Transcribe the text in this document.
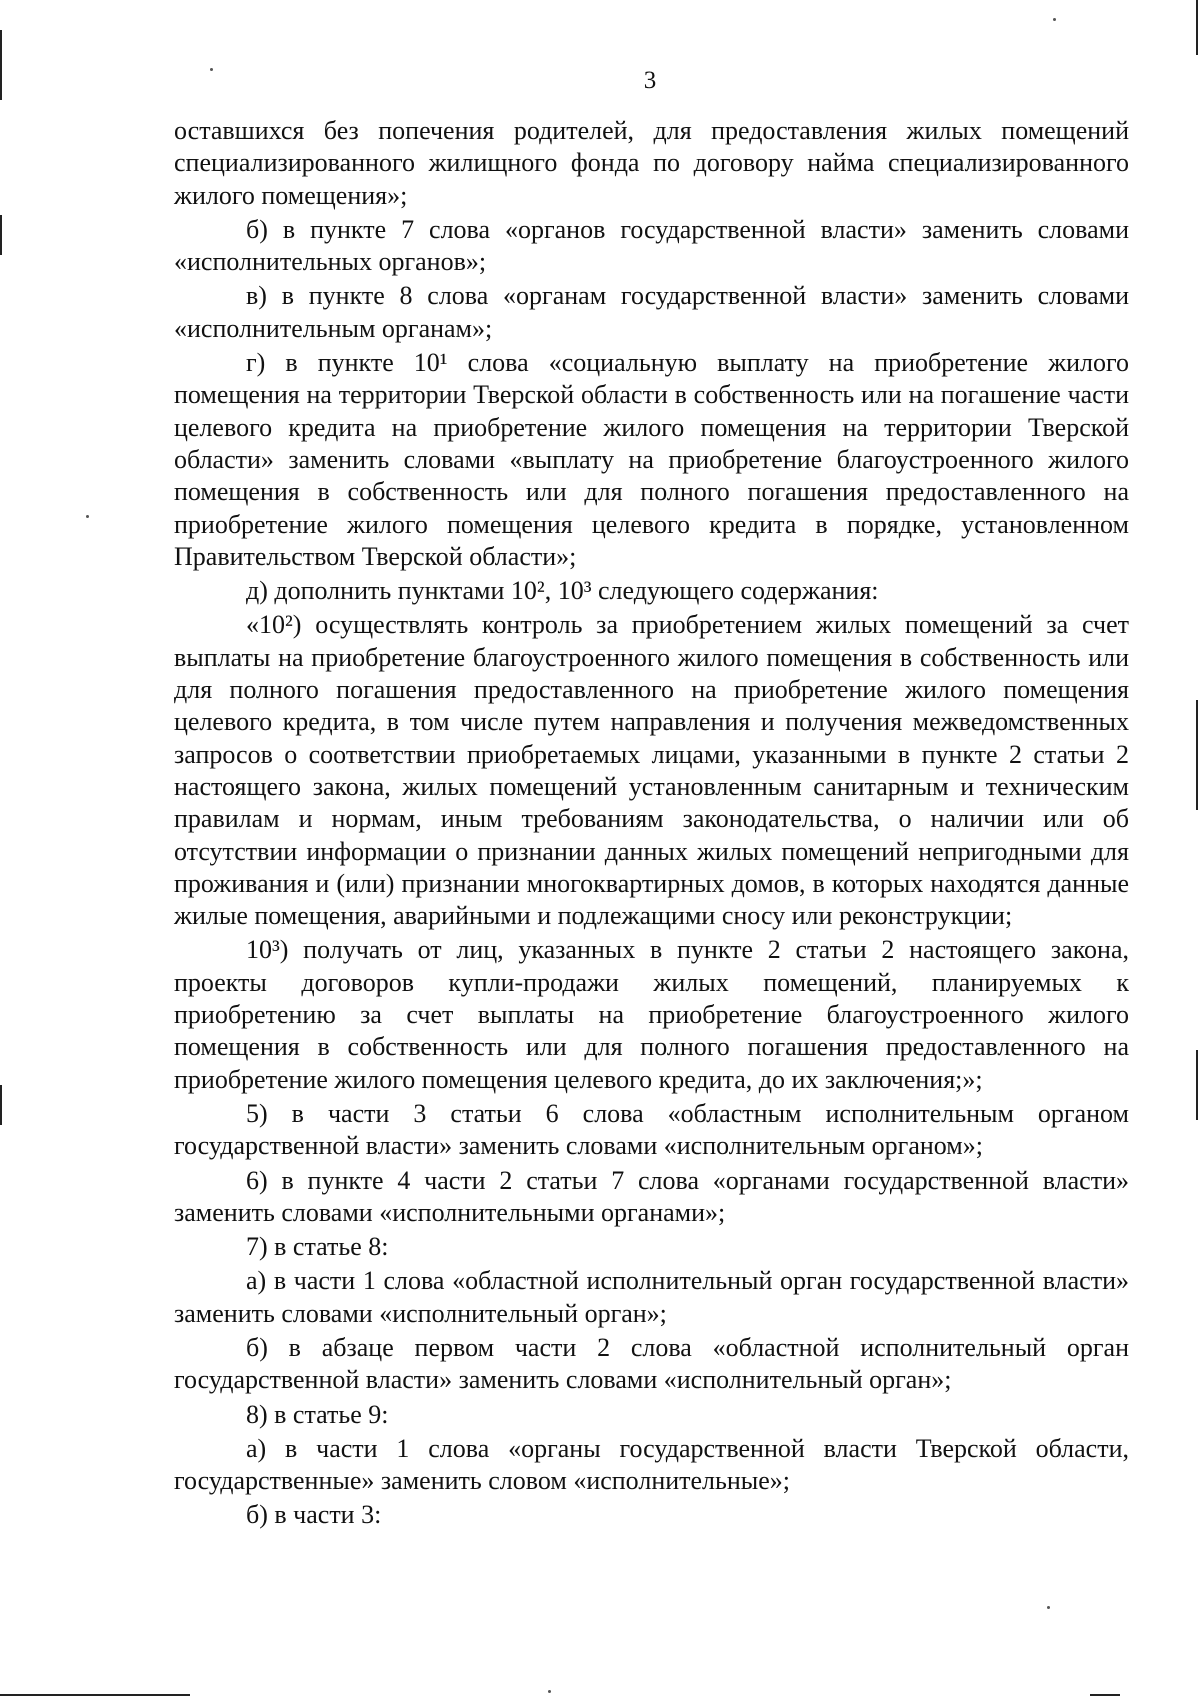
3

оставшихся без попечения родителей, для предоставления жилых помещений специализированного жилищного фонда по договору найма специализированного жилого помещения»;

б) в пункте 7 слова «органов государственной власти» заменить словами «исполнительных органов»;

в) в пункте 8 слова «органам государственной власти» заменить словами «исполнительным органам»;

г) в пункте 10¹ слова «социальную выплату на приобретение жилого помещения на территории Тверской области в собственность или на погашение части целевого кредита на приобретение жилого помещения на территории Тверской области» заменить словами «выплату на приобретение благоустроенного жилого помещения в собственность или для полного погашения предоставленного на приобретение жилого помещения целевого кредита в порядке, установленном Правительством Тверской области»;

д) дополнить пунктами 10², 10³ следующего содержания:

«10²) осуществлять контроль за приобретением жилых помещений за счет выплаты на приобретение благоустроенного жилого помещения в собственность или для полного погашения предоставленного на приобретение жилого помещения целевого кредита, в том числе путем направления и получения межведомственных запросов о соответствии приобретаемых лицами, указанными в пункте 2 статьи 2 настоящего закона, жилых помещений установленным санитарным и техническим правилам и нормам, иным требованиям законодательства, о наличии или об отсутствии информации о признании данных жилых помещений непригодными для проживания и (или) признании многоквартирных домов, в которых находятся данные жилые помещения, аварийными и подлежащими сносу или реконструкции;

10³) получать от лиц, указанных в пункте 2 статьи 2 настоящего закона, проекты договоров купли-продажи жилых помещений, планируемых к приобретению за счет выплаты на приобретение благоустроенного жилого помещения в собственность или для полного погашения предоставленного на приобретение жилого помещения целевого кредита, до их заключения;»;

5) в части 3 статьи 6 слова «областным исполнительным органом государственной власти» заменить словами «исполнительным органом»;

6) в пункте 4 части 2 статьи 7 слова «органами государственной власти» заменить словами «исполнительными органами»;

7) в статье 8:

а) в части 1 слова «областной исполнительный орган государственной власти» заменить словами «исполнительный орган»;

б) в абзаце первом части 2 слова «областной исполнительный орган государственной власти» заменить словами «исполнительный орган»;

8) в статье 9:

а) в части 1 слова «органы государственной власти Тверской области, государственные» заменить словом «исполнительные»;

б) в части 3:
